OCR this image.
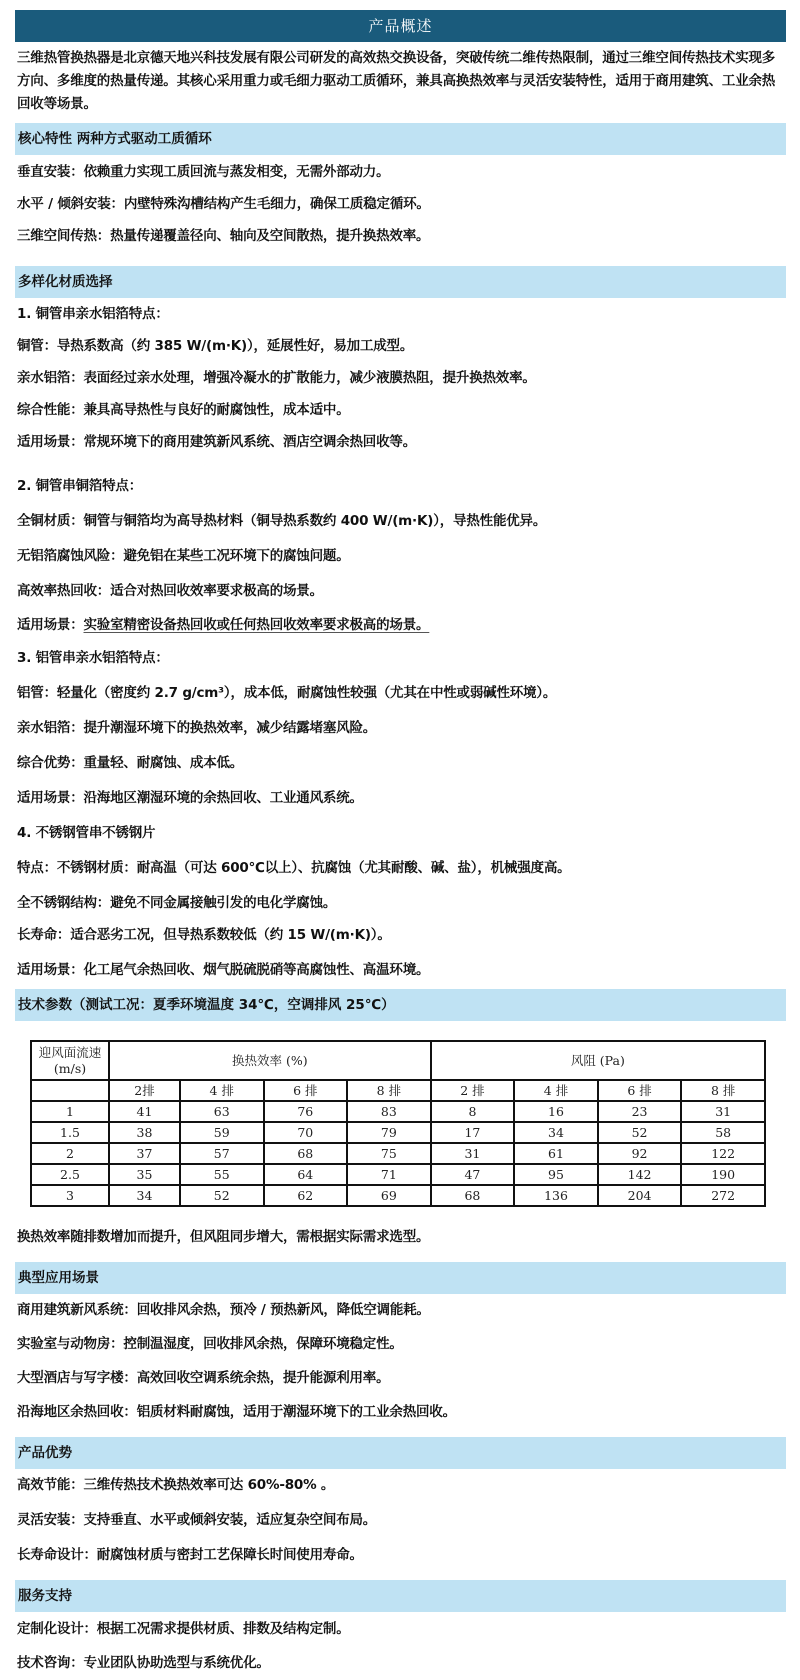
产品概述
三维热管换热器是北京德天地兴科技发展有限公司研发的高效热交换设备，突破传统二维传热限制，通过三维空间传热技术实现多方向、多维度的热量传递。其核心采用重力或毛细力驱动工质循环，兼具高换热效率与灵活安装特性，适用于商用建筑、工业余热回收等场景。
核心特性 两种方式驱动工质循环
垂直安装：依赖重力实现工质回流与蒸发相变，无需外部动力。
水平 / 倾斜安装：内壁特殊沟槽结构产生毛细力，确保工质稳定循环。
三维空间传热：热量传递覆盖径向、轴向及空间散热，提升换热效率。
多样化材质选择
1. 铜管串亲水铝箔特点：
铜管：导热系数高（约 385 W/(m·K)），延展性好，易加工成型。
亲水铝箔：表面经过亲水处理，增强冷凝水的扩散能力，减少液膜热阻，提升换热效率。
综合性能：兼具高导热性与良好的耐腐蚀性，成本适中。
适用场景：常规环境下的商用建筑新风系统、酒店空调余热回收等。
2. 铜管串铜箔特点：
全铜材质：铜管与铜箔均为高导热材料（铜导热系数约 400 W/(m·K)），导热性能优异。
无铝箔腐蚀风险：避免铝在某些工况环境下的腐蚀问题。
高效率热回收：适合对热回收效率要求极高的场景。
适用场景：实验室精密设备热回收或任何热回收效率要求极高的场景。
3. 铝管串亲水铝箔特点：
铝管：轻量化（密度约 2.7 g/cm³），成本低，耐腐蚀性较强（尤其在中性或弱碱性环境）。
亲水铝箔：提升潮湿环境下的换热效率，减少结露堵塞风险。
综合优势：重量轻、耐腐蚀、成本低。
适用场景：沿海地区潮湿环境的余热回收、工业通风系统。
4. 不锈钢管串不锈钢片
特点：不锈钢材质：耐高温（可达 600℃以上）、抗腐蚀（尤其耐酸、碱、盐），机械强度高。
全不锈钢结构：避免不同金属接触引发的电化学腐蚀。
长寿命：适合恶劣工况，但导热系数较低（约 15 W/(m·K)）。
适用场景：化工尾气余热回收、烟气脱硫脱硝等高腐蚀性、高温环境。
技术参数（测试工况：夏季环境温度 34℃，空调排风 25℃）
迎风面流速
(m/s)	换热效率 (%)				风阻 (Pa)			
	2排	4 排	6 排	8 排	2 排	4 排	6 排	8 排
1	41	63	76	83	8	16	23	31
1.5	38	59	70	79	17	34	52	58
2	37	57	68	75	31	61	92	122
2.5	35	55	64	71	47	95	142	190
3	34	52	62	69	68	136	204	272
换热效率随排数增加而提升，但风阻同步增大，需根据实际需求选型。
典型应用场景
商用建筑新风系统：回收排风余热，预冷 / 预热新风，降低空调能耗。
实验室与动物房：控制温湿度，回收排风余热，保障环境稳定性。
大型酒店与写字楼：高效回收空调系统余热，提升能源利用率。
沿海地区余热回收：铝质材料耐腐蚀，适用于潮湿环境下的工业余热回收。
产品优势
高效节能：三维传热技术换热效率可达 60%-80% 。
灵活安装：支持垂直、水平或倾斜安装，适应复杂空间布局。
长寿命设计：耐腐蚀材质与密封工艺保障长时间使用寿命。
服务支持
定制化设计：根据工况需求提供材质、排数及结构定制。
技术咨询：专业团队协助选型与系统优化。
